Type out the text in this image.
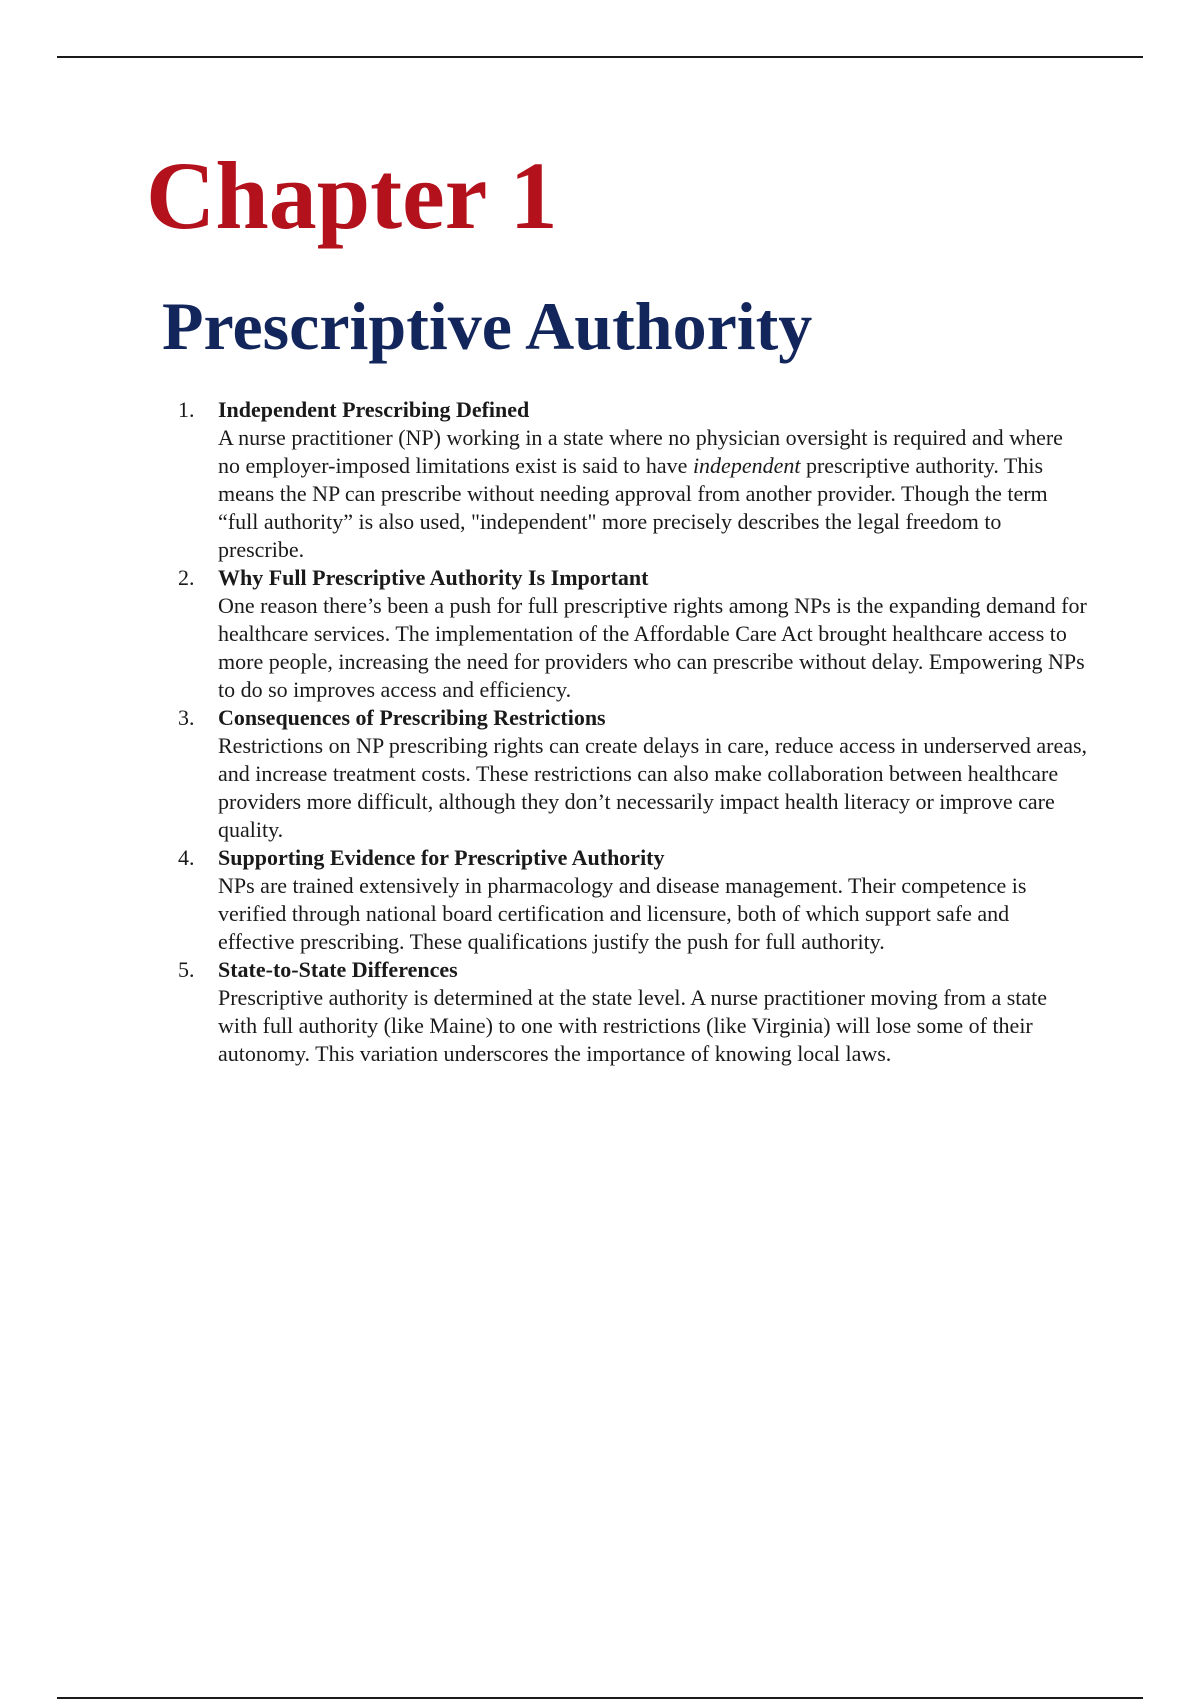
Chapter 1
Prescriptive Authority
1. Independent Prescribing Defined
A nurse practitioner (NP) working in a state where no physician oversight is required and where no employer-imposed limitations exist is said to have independent prescriptive authority. This means the NP can prescribe without needing approval from another provider. Though the term “full authority” is also used, "independent" more precisely describes the legal freedom to prescribe.
2. Why Full Prescriptive Authority Is Important
One reason there’s been a push for full prescriptive rights among NPs is the expanding demand for healthcare services. The implementation of the Affordable Care Act brought healthcare access to more people, increasing the need for providers who can prescribe without delay. Empowering NPs to do so improves access and efficiency.
3. Consequences of Prescribing Restrictions
Restrictions on NP prescribing rights can create delays in care, reduce access in underserved areas, and increase treatment costs. These restrictions can also make collaboration between healthcare providers more difficult, although they don’t necessarily impact health literacy or improve care quality.
4. Supporting Evidence for Prescriptive Authority
NPs are trained extensively in pharmacology and disease management. Their competence is verified through national board certification and licensure, both of which support safe and effective prescribing. These qualifications justify the push for full authority.
5. State-to-State Differences
Prescriptive authority is determined at the state level. A nurse practitioner moving from a state with full authority (like Maine) to one with restrictions (like Virginia) will lose some of their autonomy. This variation underscores the importance of knowing local laws.
